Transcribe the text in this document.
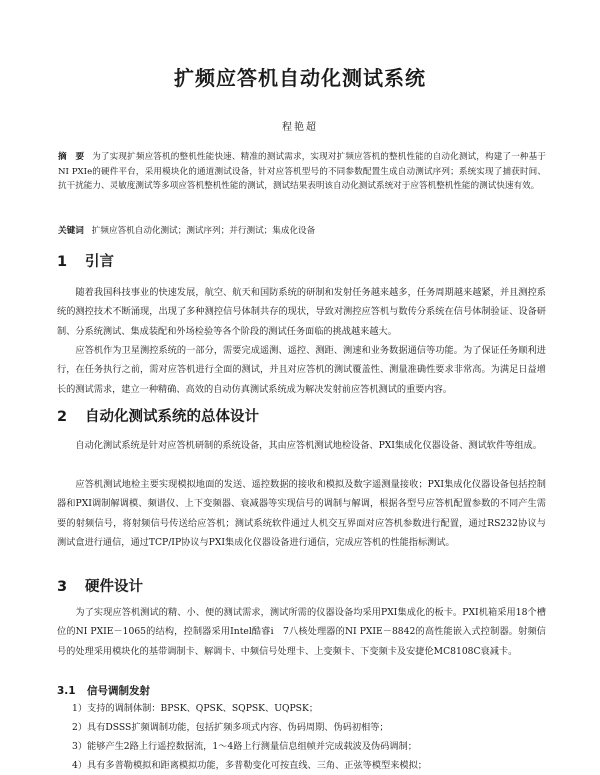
扩频应答机自动化测试系统
程艳超
摘　要 为了实现扩频应答机的整机性能快速、精准的测试需求，实现对扩频应答机的整机性能的自动化测试，构建了一种基于NI PXIe的硬件平台，采用模块化的通道测试设备，针对应答机型号的不同参数配置生成自动测试序列；系统实现了捕获时间、抗干扰能力、灵敏度测试等多项应答机整机性能的测试，测试结果表明该自动化测试系统对于应答机整机性能的测试快速有效。
关键词 扩频应答机自动化测试；测试序列；并行测试；集成化设备
1 引言
随着我国科技事业的快速发展，航空、航天和国防系统的研制和发射任务越来越多，任务周期越来越紧，并且测控系统的测控技术不断涌现，出现了多种测控信号体制共存的现状，导致对测控应答机与数传分系统在信号体制验证、设备研制、分系统测试、集成装配和外场检验等各个阶段的测试任务面临的挑战越来越大。
应答机作为卫星测控系统的一部分，需要完成遥测、遥控、测距、测速和业务数据通信等功能。为了保证任务顺利进行，在任务执行之前，需对应答机进行全面的测试，并且对应答机的测试覆盖性、测量准确性要求非常高。为满足日益增长的测试需求，建立一种精确、高效的自动仿真测试系统成为解决发射前应答机测试的重要内容。
2 自动化测试系统的总体设计
自动化测试系统是针对应答机研制的系统设备，其由应答机测试地检设备、PXI集成化仪器设备、测试软件等组成。
应答机测试地检主要实现模拟地面的发送、遥控数据的接收和模拟及数字遥测量接收；PXI集成化仪器设备包括控制器和PXI调制解调模、频谱仪、上下变频器、衰减器等实现信号的调制与解调，根据各型号应答机配置参数的不同产生需要的射频信号，将射频信号传送给应答机；测试系统软件通过人机交互界面对应答机参数进行配置，通过RS232协议与测试盒进行通信，通过TCP/IP协议与PXI集成化仪器设备进行通信，完成应答机的性能指标测试。
3 硬件设计
为了实现应答机测试的精、小、便的测试需求，测试所需的仪器设备均采用PXI集成化的板卡。PXI机箱采用18个槽位的NI PXIE－1065的结构，控制器采用Intel酷睿i　7八核处理器的NI PXIE－8842的高性能嵌入式控制器。射频信号的处理采用模块化的基带调制卡、解调卡、中频信号处理卡、上变频卡、下变频卡及安捷伦MC8108C衰减卡。
3.1 信号调制发射
1）支持的调制体制：BPSK、QPSK、SQPSK、UQPSK；
2）具有DSSS扩频调制功能，包括扩频多项式内容、伪码周期、伪码初相等；
3）能够产生2路上行遥控数据流，1～4路上行测量信息组帧并完成载波及伪码调制；
4）具有多普勒模拟和距离模拟功能，多普勒变化可按直线、三角、正弦等模型来模拟；
